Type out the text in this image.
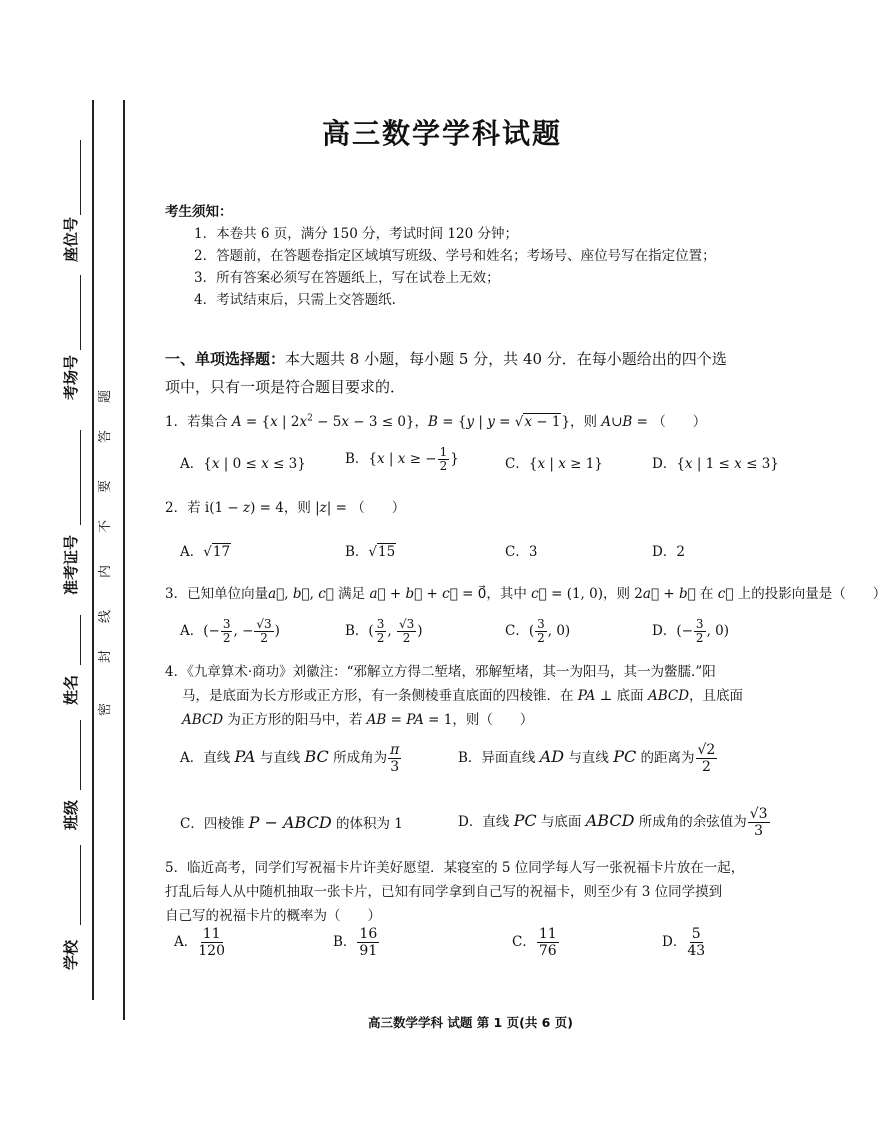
座位号
考场号
准考证号
姓名
班级
学校
密
封
线
内
不
要
答
题
高三数学学科试题
考生须知：
1．本卷共 6 页，满分 150 分，考试时间 120 分钟；
2．答题前，在答题卷指定区域填写班级、学号和姓名；考场号、座位号写在指定位置；
3．所有答案必须写在答题纸上，写在试卷上无效；
4．考试结束后，只需上交答题纸.
一、单项选择题：本大题共 8 小题，每小题 5 分，共 40 分．在每小题给出的四个选
项中，只有一项是符合题目要求的．
1．若集合 A = {x | $2x^2 - 5x - 3 \le 0$}，B = {y | y = √x − 1}，则 A∪B = （　　）
A．{x | 0 ≤ x ≤ 3}	B．{x | x ≥ − $\frac{1}{2}$ }	C．{x | x ≥ 1}	D．{x | 1 ≤ x ≤ 3}
2．若 i(1 − z) = 4，则 |z| = （　　）
A．√17	B．√15	C．3	D．2
3．已知单位向量a⃗, b⃗, c⃗ 满足 a⃗ + b⃗ + c⃗ = 0⃗，其中 c⃗ = (1, 0)，则 2a⃗ + b⃗ 在 c⃗ 上的投影向量是（　　）
A．(− $\frac{3}{2}$ , − $\frac{√3}{2}$ )	B．( $\frac{3}{2}$ , $\frac{√3}{2}$ )	C．( $\frac{3}{2}$ , 0)	D．(− $\frac{3}{2}$ , 0)
4．《九章算术·商功》刘徽注：“邪解立方得二堑堵，邪解堑堵，其一为阳马，其一为鳖臑.”阳
马，是底面为长方形或正方形，有一条侧棱垂直底面的四棱锥．在 PA ⊥ 底面 ABCD，且底面
ABCD 为正方形的阳马中，若 AB = PA = 1，则（　　）
A．直线 PA 与直线 BC 所成角为 $\frac{\pi}{3}$	B．异面直线 AD 与直线 PC 的距离为 $\frac{√2}{2}$
C．四棱锥 P − ABCD 的体积为 1	D．直线 PC 与底面 ABCD 所成角的余弦值为 $\frac{√3}{3}$
5．临近高考，同学们写祝福卡片许美好愿望．某寝室的 5 位同学每人写一张祝福卡片放在一起，
打乱后每人从中随机抽取一张卡片，已知有同学拿到自己写的祝福卡，则至少有 3 位同学摸到
自己写的祝福卡片的概率为（　　）
A． $\frac{11}{120}$	B． $\frac{16}{91}$	C． $\frac{11}{76}$	D． $\frac{5}{43}$
高三数学学科 试题 第 1 页(共 6 页)
